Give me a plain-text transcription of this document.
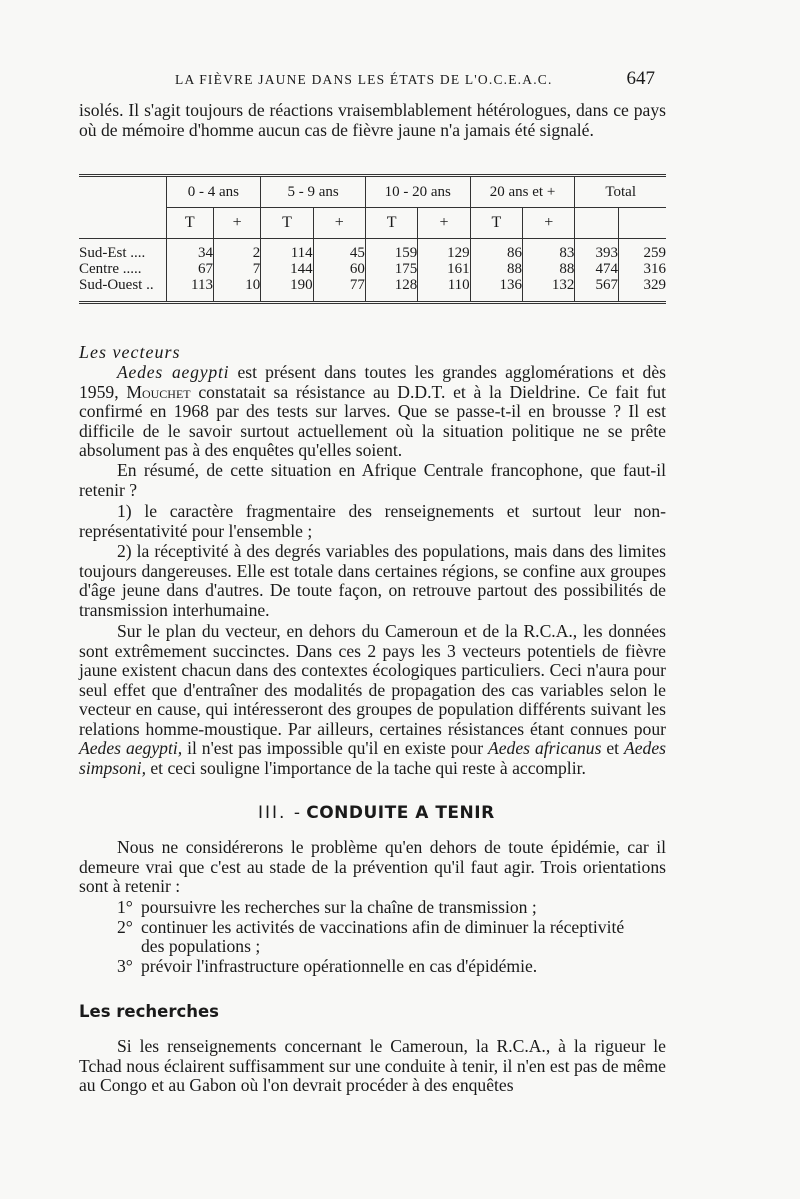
LA FIÈVRE JAUNE DANS LES ÉTATS DE L'O.C.E.A.C.	647

isolés. Il s'agit toujours de réactions vraisemblablement hétérologues, dans ce pays où de mémoire d'homme aucun cas de fièvre jaune n'a jamais été signalé.

	0 - 4 ans		5 - 9 ans		10 - 20 ans		20 ans et +		Total	

	T	+	T	+	T	+	T	+		

Sud-Est ....	34	2	114	45	159	129	86	83	393	259
Centre .....	67	7	144	60	175	161	88	88	474	316
Sud-Ouest ..	113	10	190	77	128	110	136	132	567	329

Les vecteurs

Aedes aegypti est présent dans toutes les grandes agglomérations et dès 1959, Mouchet constatait sa résistance au D.D.T. et à la Dieldrine. Ce fait fut confirmé en 1968 par des tests sur larves. Que se passe-t-il en brousse ? Il est difficile de le savoir surtout actuellement où la situation politique ne se prête absolument pas à des enquêtes qu'elles soient.

En résumé, de cette situation en Afrique Centrale francophone, que faut-il retenir ?

1) le caractère fragmentaire des renseignements et surtout leur non-représentativité pour l'ensemble ;

2) la réceptivité à des degrés variables des populations, mais dans des limites toujours dangereuses. Elle est totale dans certaines régions, se confine aux groupes d'âge jeune dans d'autres. De toute façon, on retrouve partout des possibilités de transmission interhumaine.

Sur le plan du vecteur, en dehors du Cameroun et de la R.C.A., les données sont extrêmement succinctes. Dans ces 2 pays les 3 vecteurs potentiels de fièvre jaune existent chacun dans des contextes écologiques particuliers. Ceci n'aura pour seul effet que d'entraîner des modalités de propagation des cas variables selon le vecteur en cause, qui intéresseront des groupes de population différents suivant les relations homme-moustique. Par ailleurs, certaines résistances étant connues pour Aedes aegypti, il n'est pas impossible qu'il en existe pour Aedes africanus et Aedes simpsoni, et ceci souligne l'importance de la tache qui reste à accomplir.

III. - CONDUITE A TENIR

Nous ne considérerons le problème qu'en dehors de toute épidémie, car il demeure vrai que c'est au stade de la prévention qu'il faut agir. Trois orientations sont à retenir :

1° poursuivre les recherches sur la chaîne de transmission ;
2° continuer les activités de vaccinations afin de diminuer la réceptivité
des populations ;
3° prévoir l'infrastructure opérationnelle en cas d'épidémie.
Les recherches

Si les renseignements concernant le Cameroun, la R.C.A., à la rigueur le Tchad nous éclairent suffisamment sur une conduite à tenir, il n'en est pas de même au Congo et au Gabon où l'on devrait procéder à des enquêtes
